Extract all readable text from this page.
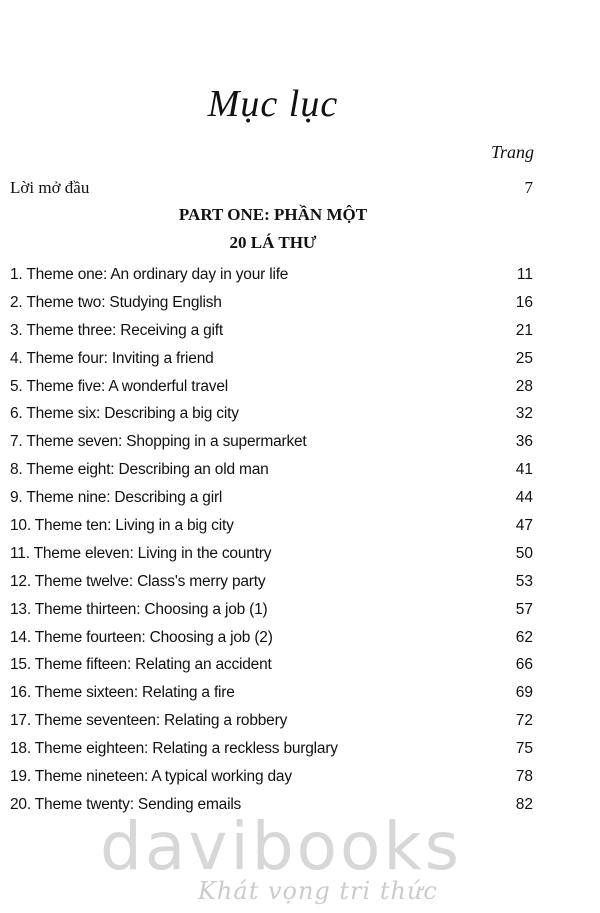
Mục lục
Trang
Lời mở đầu	7
PART ONE: PHẦN MỘT
20 LÁ THƯ
1. Theme one: An ordinary day in your life	11
2. Theme two: Studying English	16
3. Theme three: Receiving a gift	21
4. Theme four: Inviting a friend	25
5. Theme five: A wonderful travel	28
6. Theme six: Describing a big city	32
7. Theme seven: Shopping in a supermarket	36
8. Theme eight: Describing an old man	41
9. Theme nine: Describing a girl	44
10. Theme ten: Living in a big city	47
11. Theme eleven: Living in the country	50
12. Theme twelve: Class's merry party	53
13. Theme thirteen: Choosing a job (1)	57
14. Theme fourteen: Choosing a job (2)	62
15. Theme fifteen: Relating an accident	66
16. Theme sixteen: Relating a fire	69
17. Theme seventeen: Relating a robbery	72
18. Theme eighteen: Relating a reckless burglary	75
19. Theme nineteen: A typical working day	78
20. Theme twenty: Sending emails	82
davibooks
Khát vọng tri thức
